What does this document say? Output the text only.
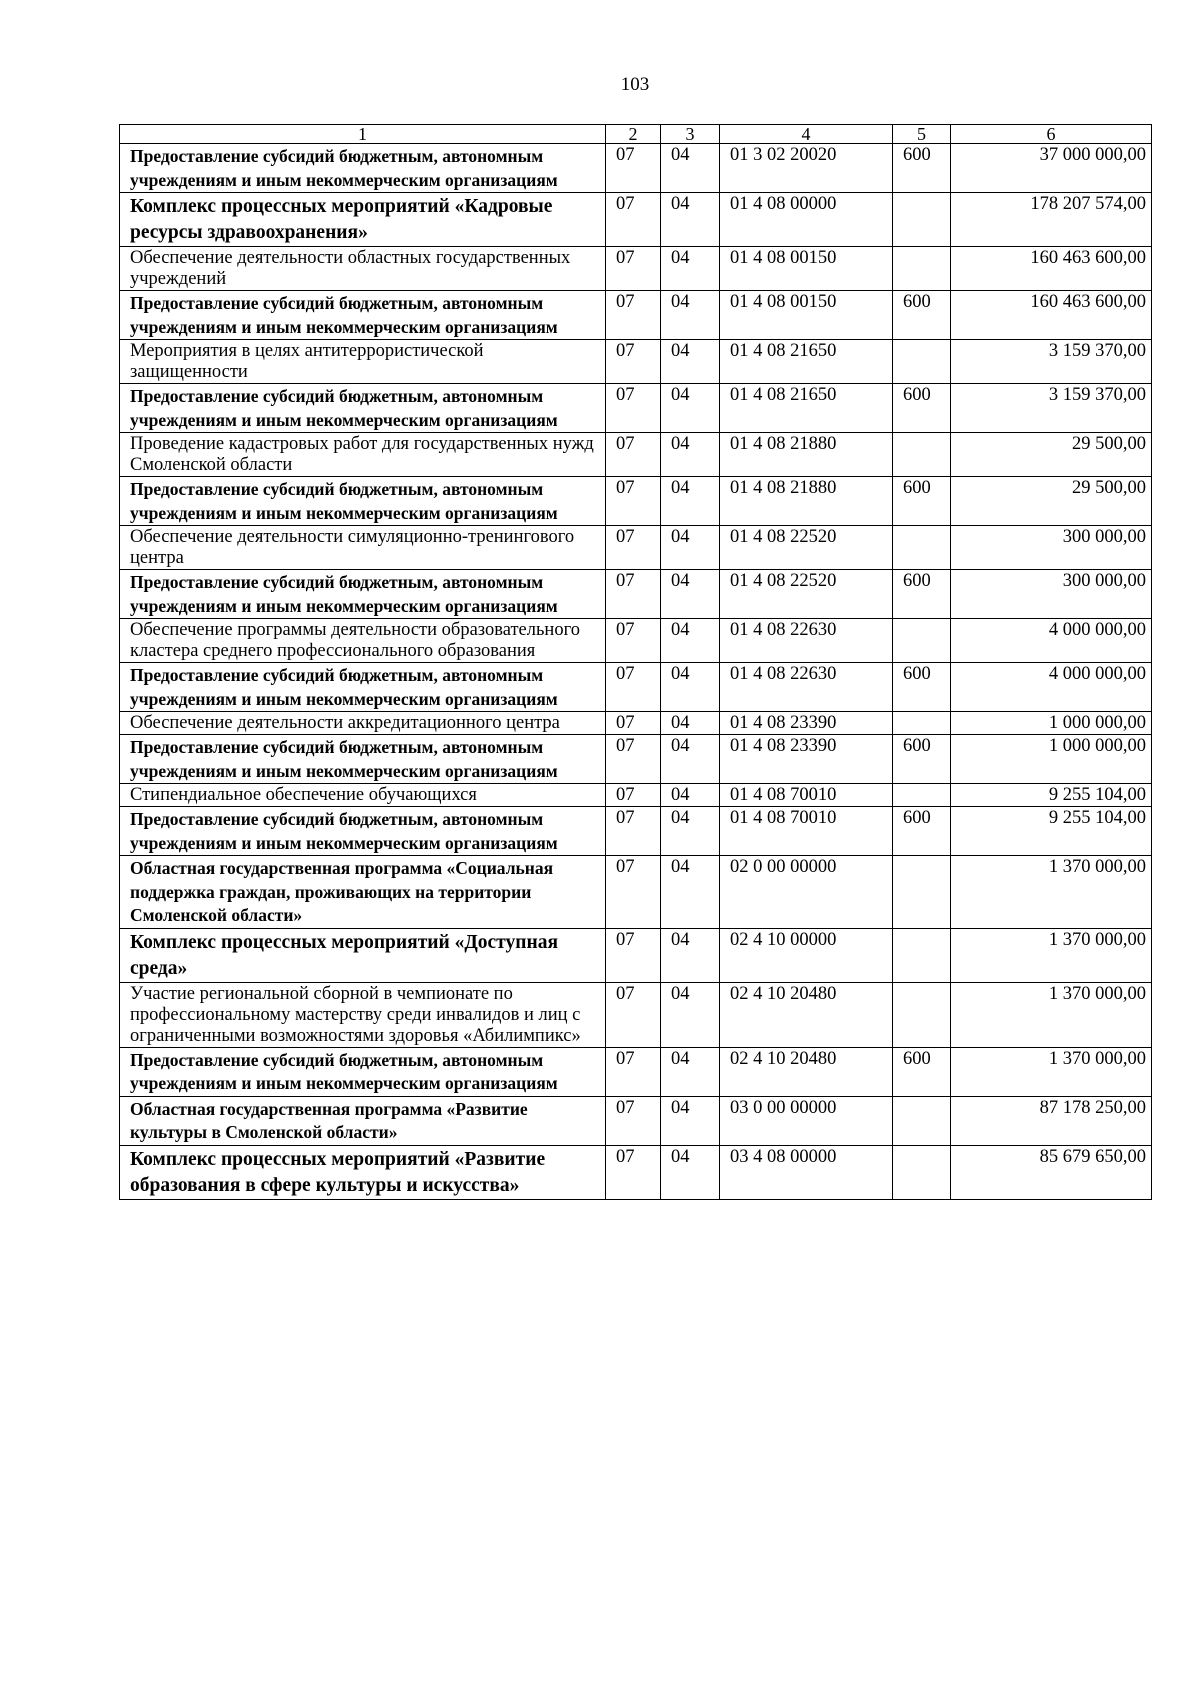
103
1	2	3	4	5	6
Предоставление субсидий бюджетным, автономным учреждениям и иным некоммерческим организациям	07	04	01 3 02 20020	600	37 000 000,00
Комплекс процессных мероприятий «Кадровые ресурсы здравоохранения»	07	04	01 4 08 00000		178 207 574,00
Обеспечение деятельности областных государственных учреждений	07	04	01 4 08 00150		160 463 600,00
Предоставление субсидий бюджетным, автономным учреждениям и иным некоммерческим организациям	07	04	01 4 08 00150	600	160 463 600,00
Мероприятия в целях антитеррористической защищенности	07	04	01 4 08 21650		3 159 370,00
Предоставление субсидий бюджетным, автономным учреждениям и иным некоммерческим организациям	07	04	01 4 08 21650	600	3 159 370,00
Проведение кадастровых работ для государственных нужд Смоленской области	07	04	01 4 08 21880		29 500,00
Предоставление субсидий бюджетным, автономным учреждениям и иным некоммерческим организациям	07	04	01 4 08 21880	600	29 500,00
Обеспечение деятельности симуляционно-тренингового центра	07	04	01 4 08 22520		300 000,00
Предоставление субсидий бюджетным, автономным учреждениям и иным некоммерческим организациям	07	04	01 4 08 22520	600	300 000,00
Обеспечение программы деятельности образовательного кластера среднего профессионального образования	07	04	01 4 08 22630		4 000 000,00
Предоставление субсидий бюджетным, автономным учреждениям и иным некоммерческим организациям	07	04	01 4 08 22630	600	4 000 000,00
Обеспечение деятельности аккредитационного центра	07	04	01 4 08 23390		1 000 000,00
Предоставление субсидий бюджетным, автономным учреждениям и иным некоммерческим организациям	07	04	01 4 08 23390	600	1 000 000,00
Стипендиальное обеспечение обучающихся	07	04	01 4 08 70010		9 255 104,00
Предоставление субсидий бюджетным, автономным учреждениям и иным некоммерческим организациям	07	04	01 4 08 70010	600	9 255 104,00
Областная государственная программа «Социальная поддержка граждан, проживающих на территории Смоленской области»	07	04	02 0 00 00000		1 370 000,00
Комплекс процессных мероприятий «Доступная среда»	07	04	02 4 10 00000		1 370 000,00
Участие региональной сборной в чемпионате по профессиональному мастерству среди инвалидов и лиц с ограниченными возможностями здоровья «Абилимпикс»	07	04	02 4 10 20480		1 370 000,00
Предоставление субсидий бюджетным, автономным учреждениям и иным некоммерческим организациям	07	04	02 4 10 20480	600	1 370 000,00
Областная государственная программа «Развитие культуры в Смоленской области»	07	04	03 0 00 00000		87 178 250,00
Комплекс процессных мероприятий «Развитие образования в сфере культуры и искусства»	07	04	03 4 08 00000		85 679 650,00
